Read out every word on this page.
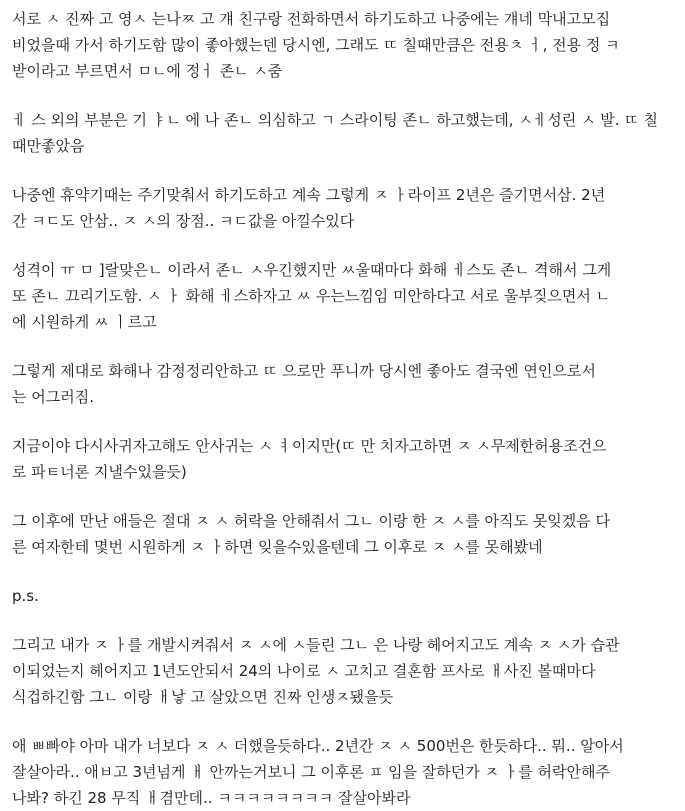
서로 ㅅ 진짜 고 영ㅅ 는나ㅉ 고 걔 친구랑 전화하면서 하기도하고 나중에는 걔네 막내고모집
비었을때 가서 하기도함 많이 좋아했는덴 당시엔, 그래도 ㄸ 칠때만큼은 전용ㅊ ㅓ, 전용 정 ㅋ
받이라고 부르면서 ㅁㄴ에 정ㅓ 존ㄴ ㅅ줌

ㅔ 스 외의 부분은 기 ㅑㄴ 에 나 존ㄴ 의심하고 ㄱ 스라이팅 존ㄴ 하고했는데, ㅅㅔ성린 ㅅ 발. ㄸ 칠
때만좋았음

나중엔 휴약기때는 주기맞춰서 하기도하고 계속 그렇게 ㅈ ㅏ라이프 2년은 즐기면서삼. 2년
간 ㅋㄷ도 안삼.. ㅈ ㅅ의 장점.. ㅋㄷ값을 아낄수있다

성격이 ㅠ ㅁ ]랄맞은ㄴ 이라서 존ㄴ ㅅ우긴했지만 ㅆ울때마다 화해 ㅔ스도 존ㄴ 격해서 그게
또 존ㄴ 끄리기도함. ㅅ ㅏ 화해 ㅔ스하자고 ㅆ 우는느낌임 미안하다고 서로 울부짖으면서 ㄴ
에 시원하게 ㅆ ㅣ르고

그렇게 제대로 화해나 감정정리안하고 ㄸ 으로만 푸니까 당시엔 좋아도 결국엔 연인으로서
는 어그러짐.

지금이야 다시사귀자고해도 안사귀는 ㅅ ㅕ이지만(ㄸ 만 치자고하면 ㅈ ㅅ무제한허용조건으
로 파ㅌ너론 지낼수있을듯)

그 이후에 만난 애들은 절대 ㅈ ㅅ 허락을 안해줘서 그ㄴ 이랑 한 ㅈ ㅅ를 아직도 못잊겠음 다
른 여자한테 몇번 시원하게 ㅈ ㅏ하면 잊을수있을텐데 그 이후로 ㅈ ㅅ를 못해봤네

p.s.

그리고 내가 ㅈ ㅏ를 개발시켜줘서 ㅈ ㅅ에 ㅅ들린 그ㄴ 은 나랑 헤어지고도 계속 ㅈ ㅅ가 습관
이되었는지 헤어지고 1년도안되서 24의 나이로 ㅅ 고치고 결혼함 프사로 ㅐ사진 볼때마다
식겁하긴함 그ㄴ 이랑 ㅐ낳 고 살았으면 진짜 인생ㅈ됐을듯

애 ㅃ빠야 아마 내가 너보다 ㅈ ㅅ 더했을듯하다.. 2년간 ㅈ ㅅ 500번은 한듯하다.. 뭐.. 알아서
잘살아라.. 애ㅂ고 3년넘게 ㅐ 안까는거보니 그 이후론 ㅍ 임을 잘하던가 ㅈ ㅏ를 허락안해주
나봐? 하긴 28 무직 ㅐ겸만데.. ㅋㅋㅋㅋㅋㅋㅋㅋ 잘살아봐라
